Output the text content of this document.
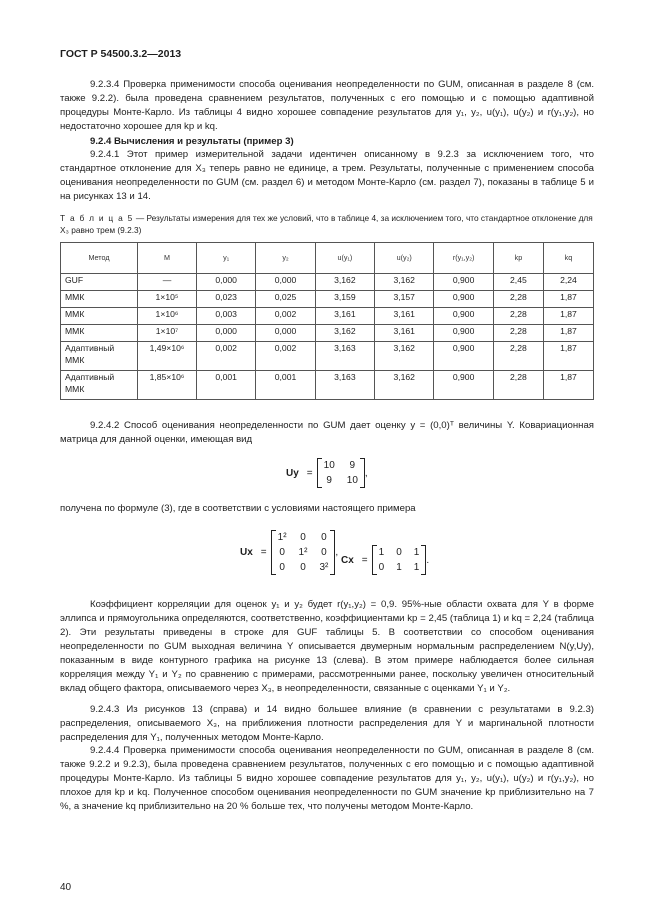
ГОСТ Р 54500.3.2—2013

9.2.3.4 Проверка применимости способа оценивания неопределенности по GUM, описанная в разделе 8 (см. также 9.2.2). была проведена сравнением результатов, полученных с его помощью и с помощью адаптивной процедуры Монте-Карло. Из таблицы 4 видно хорошее совпадение результатов для y₁, y₂, u(y₁), u(y₂) и r(y₁,y₂), но недостаточно хорошее для kp и kq.

9.2.4 Вычисления и результаты (пример 3)

9.2.4.1 Этот пример измерительной задачи идентичен описанному в 9.2.3 за исключением того, что стандартное отклонение для X₃ теперь равно не единице, а трем. Результаты, полученные с применением способа оценивания неопределенности по GUM (см. раздел 6) и методом Монте-Карло (см. раздел 7), показаны в таблице 5 и на рисунках 13 и 14.

Т а б л и ц а 5 — Результаты измерения для тех же условий, что в таблице 4, за исключением того, что стандартное отклонение для X₃ равно трем (9.2.3)

Метод	M	y₁	y₂	u(y₁)	u(y₂)	r(y₁,y₂)	kp	kq
GUF	—	0,000	0,000	3,162	3,162	0,900	2,45	2,24
ММК	1×10⁵	0,023	0,025	3,159	3,157	0,900	2,28	1,87
ММК	1×10⁶	0,003	0,002	3,161	3,161	0,900	2,28	1,87
ММК	1×10⁷	0,000	0,000	3,162	3,161	0,900	2,28	1,87
Адаптивный ММК	1,49×10⁶	0,002	0,002	3,163	3,162	0,900	2,28	1,87
Адаптивный ММК	1,85×10⁶	0,001	0,001	3,163	3,162	0,900	2,28	1,87

9.2.4.2 Способ оценивания неопределенности по GUM дает оценку y = (0,0)ᵀ величины Y. Ковариационная матрица для данной оценки, имеющая вид

Uy =
10 9
9 10
,

получена по формуле (3), где в соответствии с условиями настоящего примера

Ux =
1² 0 0
0 1² 0
0 0 3²
,
Cx =
1 0 1
0 1 1
.

Коэффициент корреляции для оценок y₁ и y₂ будет r(y₁,y₂) = 0,9. 95%-ные области охвата для Y в форме эллипса и прямоугольника определяются, соответственно, коэффициентами kp = 2,45 (таблица 1) и kq = 2,24 (таблица 2). Эти результаты приведены в строке для GUF таблицы 5. В соответствии со способом оценивания неопределенности по GUM выходная величина Y описывается двумерным нормальным распределением N(y,Uy), показанным в виде контурного графика на рисунке 13 (слева). В этом примере наблюдается более сильная корреляция между Y₁ и Y₂ по сравнению с примерами, рассмотренными ранее, поскольку увеличен относительный вклад общего фактора, описываемого через X₃, в неопределенности, связанные с оценками Y₁ и Y₂.

9.2.4.3 Из рисунков 13 (справа) и 14 видно большее влияние (в сравнении с результатами в 9.2.3) распределения, описываемого X₃, на приближения плотности распределения для Y и маргинальной плотности распределения для Y₁, полученных методом Монте-Карло.

9.2.4.4 Проверка применимости способа оценивания неопределенности по GUM, описанная в разделе 8 (см. также 9.2.2 и 9.2.3), была проведена сравнением результатов, полученных с его помощью и с помощью адаптивной процедуры Монте-Карло. Из таблицы 5 видно хорошее совпадение результатов для y₁, y₂, u(y₁), u(y₂) и r(y₁,y₂), но плохое для kp и kq. Полученное способом оценивания неопределенности по GUM значение kp приблизительно на 7 %, а значение kq приблизительно на 20 % больше тех, что получены методом Монте-Карло.

40
